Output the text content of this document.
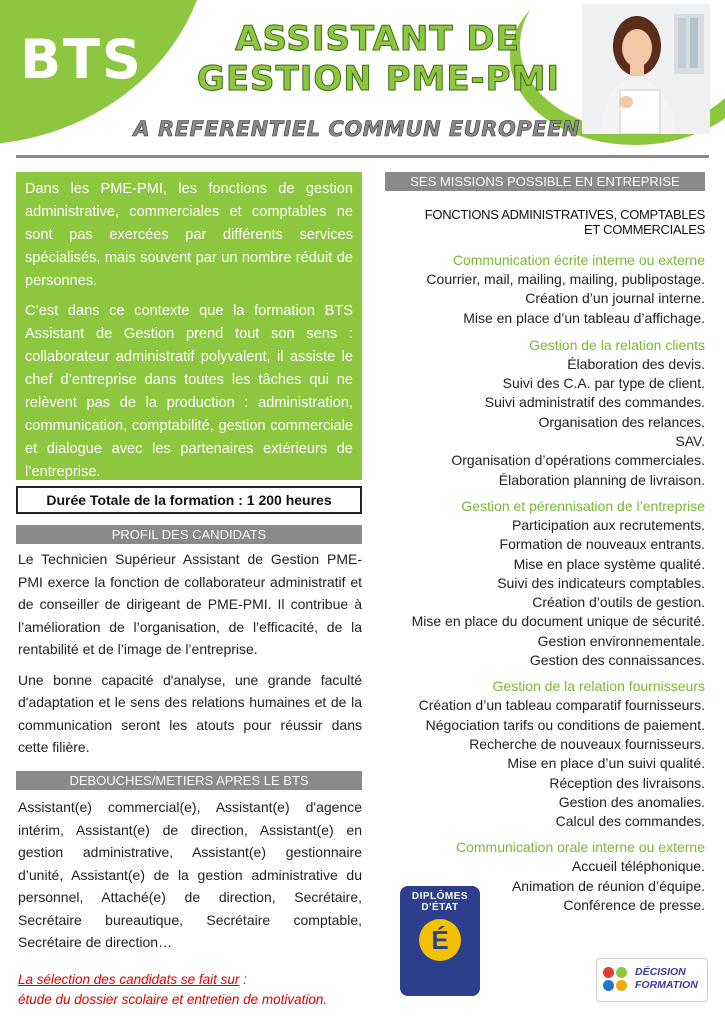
BTS	ASSISTANT DE
GESTION PME-PMI
A REFERENTIEL COMMUN EUROPEEN

Dans les PME-PMI, les fonctions de gestion administrative, commerciales et comptables ne sont pas exercées par différents services spécialisés, mais souvent par un nombre réduit de personnes.

C’est dans ce contexte que la formation BTS Assistant de Gestion prend tout son sens : collaborateur administratif polyvalent, il assiste le chef d’entreprise dans toutes les tâches qui ne relèvent pas de la production : administration, communication, comptabilité, gestion commerciale et dialogue avec les partenaires extérieurs de l’entreprise.

Durée Totale de la formation : 1 200 heures
PROFIL DES CANDIDATS

Le Technicien Supérieur Assistant de Gestion PME-PMI exerce la fonction de collaborateur administratif et de conseiller de dirigeant de PME-PMI. Il contribue à l’amélioration de l’organisation, de l’efficacité, de la rentabilité et de l’image de l’entreprise.

Une bonne capacité d'analyse, une grande faculté d'adaptation et le sens des relations humaines et de la communication seront les atouts pour réussir dans cette filière.

DEBOUCHES/METIERS APRES LE BTS

Assistant(e) commercial(e), Assistant(e) d'agence intérim, Assistant(e) de direction, Assistant(e) en gestion administrative, Assistant(e) gestionnaire d’unité, Assistant(e) de la gestion administrative du personnel, Attaché(e) de direction, Secrétaire, Secrétaire bureautique, Secrétaire comptable, Secrétaire de direction…

La sélection des candidats se fait sur :
étude du dossier scolaire et entretien de motivation.
SES MISSIONS POSSIBLE EN ENTREPRISE
FONCTIONS ADMINISTRATIVES, COMPTABLES
ET COMMERCIALES
Communication écrite interne ou externe
Courrier, mail, mailing, mailing, publipostage.
Création d’un journal interne.
Mise en place d’un tableau d’affichage.
Gestion de la relation clients
Élaboration des devis.
Suivi des C.A. par type de client.
Suivi administratif des commandes.
Organisation des relances.
SAV.
Organisation d’opérations commerciales.
Élaboration planning de livraison.
Gestion et pérennisation de l’entreprise
Participation aux recrutements.
Formation de nouveaux entrants.
Mise en place système qualité.
Suivi des indicateurs comptables.
Création d’outils de gestion.
Mise en place du document unique de sécurité.
Gestion environnementale.
Gestion des connaissances.
Gestion de la relation fournisseurs
Création d’un tableau comparatif fournisseurs.
Négociation tarifs ou conditions de paiement.
Recherche de nouveaux fournisseurs.
Mise en place d’un suivi qualité.
Réception des livraisons.
Gestion des anomalies.
Calcul des commandes.
Communication orale interne ou externe
Accueil téléphonique.
Animation de réunion d’équipe.
Conférence de presse.
DIPLÔMES
D'ÉTAT
É
DÉCISION
FORMATION
